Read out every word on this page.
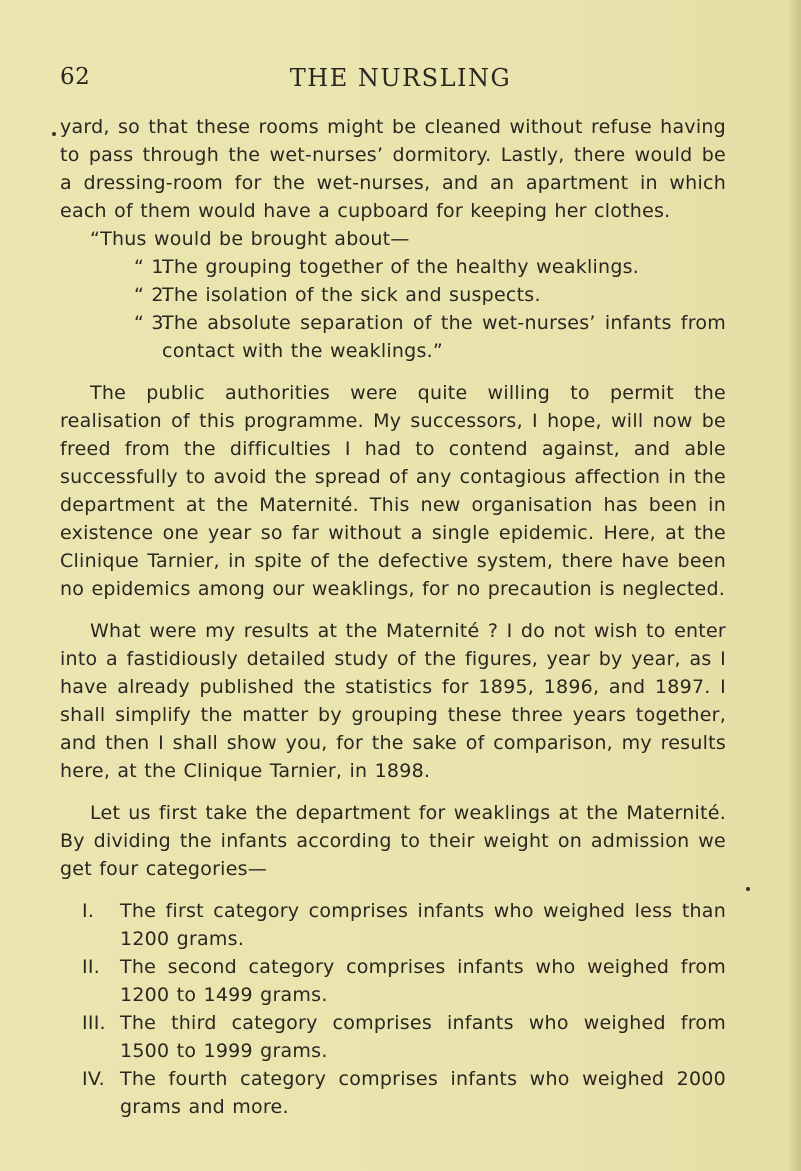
62	THE NURSLING

yard, so that these rooms might be cleaned without refuse having to pass through the wet-nurses’ dormitory. Lastly, there would be a dressing-room for the wet-nurses, and an apartment in which each of them would have a cupboard for keeping her clothes.

“Thus would be brought about—

“ 1.
The grouping together of the healthy weaklings.

“ 2.
The isolation of the sick and suspects.

“ 3.
The absolute separation of the wet-nurses’ infants from contact with the weaklings.”

The public authorities were quite willing to permit the realisation of this programme. My successors, I hope, will now be freed from the difficulties I had to contend against, and able successfully to avoid the spread of any contagious affection in the department at the Maternité. This new organisation has been in existence one year so far without a single epidemic. Here, at the Clinique Tarnier, in spite of the defective system, there have been no epidemics among our weaklings, for no precaution is neglected.

What were my results at the Maternité ? I do not wish to enter into a fastidiously detailed study of the figures, year by year, as I have already published the statistics for 1895, 1896, and 1897. I shall simplify the matter by grouping these three years together, and then I shall show you, for the sake of comparison, my results here, at the Clinique Tarnier, in 1898.

Let us first take the department for weaklings at the Maternité. By dividing the infants according to their weight on admission we get four categories—

I. The first category comprises infants who weighed less than 1200 grams.

II. The second category comprises infants who weighed from 1200 to 1499 grams.

III. The third category comprises infants who weighed from 1500 to 1999 grams.

IV. The fourth category comprises infants who weighed 2000 grams and more.
